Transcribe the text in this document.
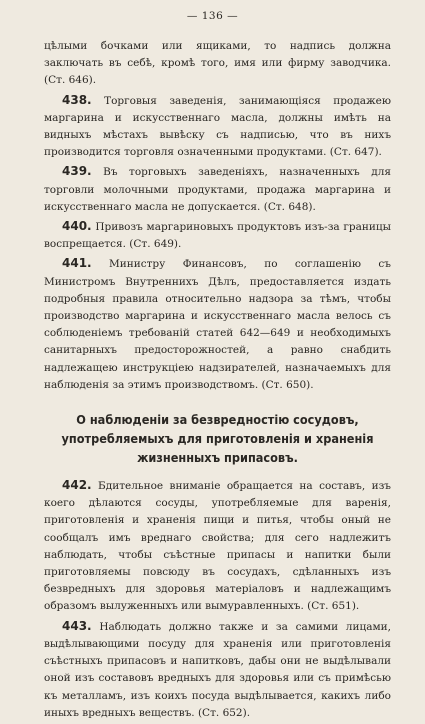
— 136 —

цѣлыми бочками или ящиками, то надпись должна заключать въ себѣ, кромѣ того, имя или фирму заводчика. (Ст. 646).

438. Торговыя заведенія, занимающіяся продажею маргарина и искусственнаго масла, должны имѣть на видныхъ мѣстахъ вывѣску съ надписью, что въ нихъ производится торговля означенными продуктами. (Ст. 647).

439. Въ торговыхъ заведеніяхъ, назначенныхъ для торговли молочными продуктами, продажа маргарина и искусственнаго масла не допускается. (Ст. 648).

440. Привозъ маргариновыхъ продуктовъ изъ-за границы воспрещается. (Ст. 649).

441. Министру Финансовъ, по соглашенію съ Министромъ Внутреннихъ Дѣлъ, предоставляется издать подробныя правила относительно надзора за тѣмъ, чтобы производство маргарина и искусственнаго масла велось съ соблюденіемъ требованій статей 642—649 и необходимыхъ санитарныхъ предосторожностей, а равно снабдить надлежащею инструкціею надзирателей, назначаемыхъ для наблюденія за этимъ производствомъ. (Ст. 650).

О наблюденіи за безвредностію сосудовъ, употребляемыхъ для приготовленія и храненія жизненныхъ припасовъ.

442. Бдительное вниманіе обращается на составъ, изъ коего дѣлаются сосуды, употребляемые для варенія, приготовленія и храненія пищи и питья, чтобы оный не сообщалъ имъ вреднаго свойства; для сего надлежитъ наблюдать, чтобы съѣстные припасы и напитки были приготовляемы повсюду въ сосудахъ, сдѣланныхъ изъ безвредныхъ для здоровья матеріаловъ и надлежащимъ образомъ вылуженныхъ или вымуравленныхъ. (Ст. 651).

443. Наблюдать должно также и за самими лицами, выдѣлывающими посуду для храненія или приготовленія съѣстныхъ припасовъ и напитковъ, дабы они не выдѣлывали оной изъ составовъ вредныхъ для здоровья или съ примѣсью къ металламъ, изъ коихъ посуда выдѣлывается, какихъ либо иныхъ вредныхъ веществъ. (Ст. 652).
